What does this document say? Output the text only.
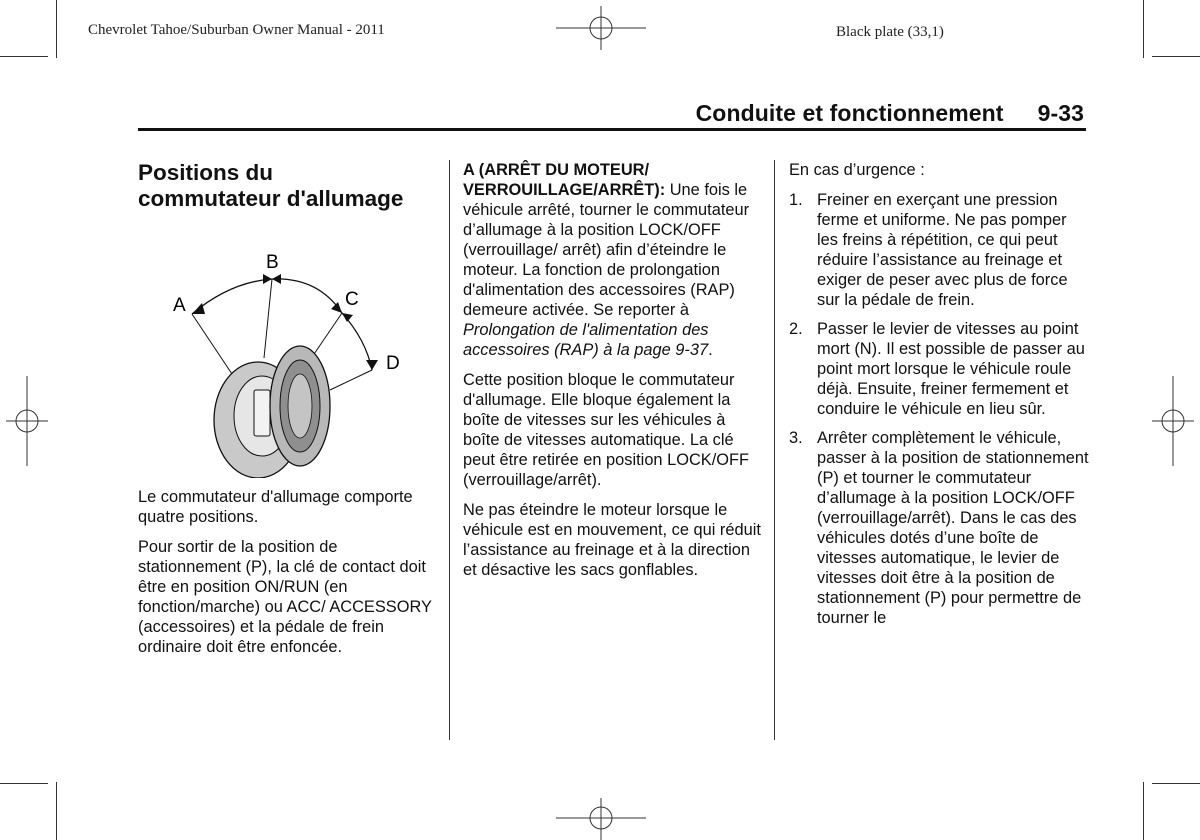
Chevrolet Tahoe/Suburban Owner Manual - 2011	Black plate (33,1)
Conduite et fonctionnement 9-33
Positions du
commutateur d'allumage
A
B
C
D

Le commutateur d'allumage comporte quatre positions.

Pour sortir de la position de stationnement (P), la clé de contact doit être en position ON/RUN (en fonction/marche) ou ACC/ ACCESSORY (accessoires) et la pédale de frein ordinaire doit être enfoncée.

A (ARRÊT DU MOTEUR/ VERROUILLAGE/ARRÊT): Une fois le véhicule arrêté, tourner le commutateur d’allumage à la position LOCK/OFF (verrouillage/ arrêt) afin d’éteindre le moteur. La fonction de prolongation d'alimentation des accessoires (RAP) demeure activée. Se reporter à Prolongation de l'alimentation des accessoires (RAP) à la page 9-37.

Cette position bloque le commutateur d'allumage. Elle bloque également la boîte de vitesses sur les véhicules à boîte de vitesses automatique. La clé peut être retirée en position LOCK/OFF (verrouillage/arrêt).

Ne pas éteindre le moteur lorsque le véhicule est en mouvement, ce qui réduit l’assistance au freinage et à la direction et désactive les sacs gonflables.

En cas d’urgence :

1. Freiner en exerçant une pression ferme et uniforme. Ne pas pomper les freins à répétition, ce qui peut réduire l’assistance au freinage et exiger de peser avec plus de force sur la pédale de frein.
2. Passer le levier de vitesses au point mort (N). Il est possible de passer au point mort lorsque le véhicule roule déjà. Ensuite, freiner fermement et conduire le véhicule en lieu sûr.
3. Arrêter complètement le véhicule, passer à la position de stationnement (P) et tourner le commutateur d’allumage à la position LOCK/OFF (verrouillage/arrêt). Dans le cas des véhicules dotés d’une boîte de vitesses automatique, le levier de vitesses doit être à la position de stationnement (P) pour permettre de tourner le
